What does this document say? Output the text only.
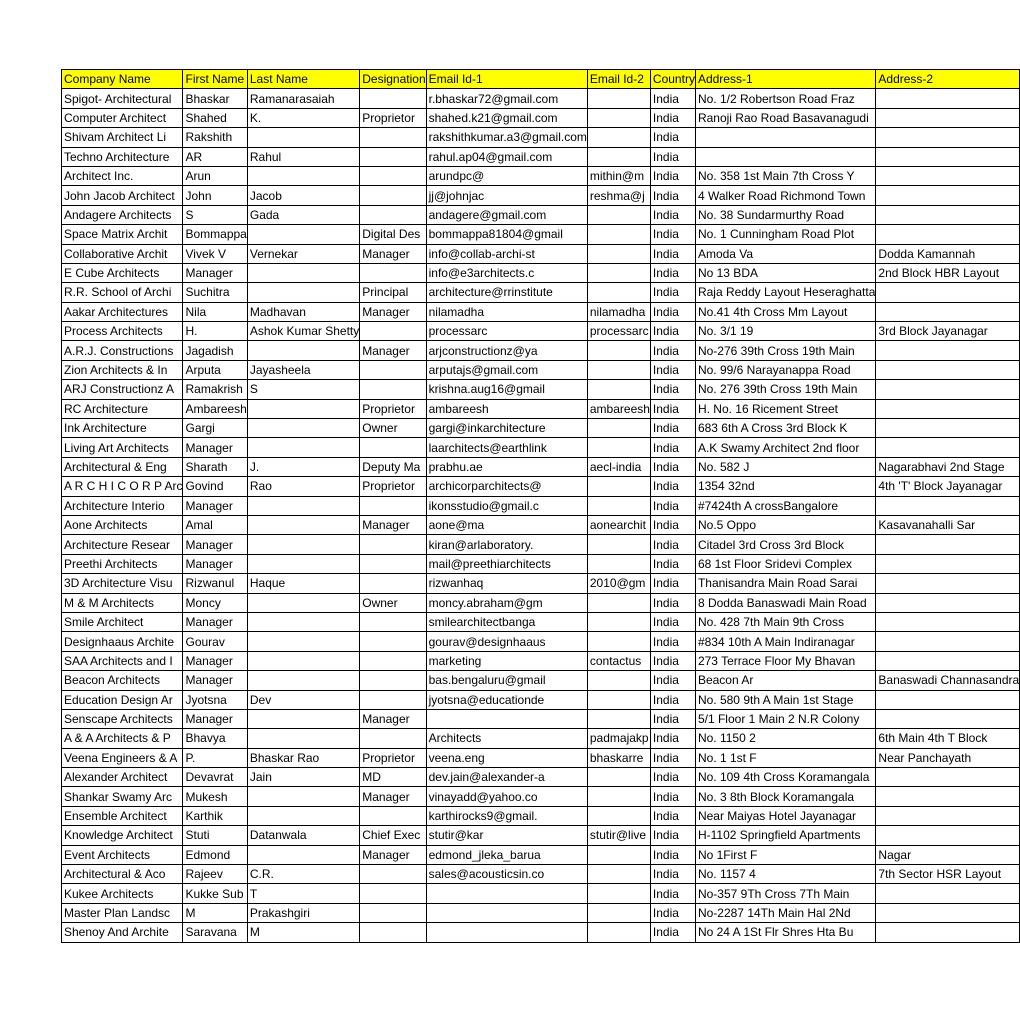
Company Name	First Name	Last Name	Designation	Email Id-1	Email Id-2	Country	Address-1	Address-2
Spigot- Architectural	Bhaskar	Ramanarasaiah		r.bhaskar72@gmail.com		India	No. 1/2 Robertson Road Fraz	
Computer Architect	Shahed	K.	Proprietor	shahed.k21@gmail.com		India	Ranoji Rao Road Basavanagudi	
Shivam Architect Li	Rakshith			rakshithkumar.a3@gmail.com		India		
Techno Architecture	AR	Rahul		rahul.ap04@gmail.com		India		
Architect Inc.	Arun			arundpc@	mithin@m	India	No. 358 1st Main 7th Cross Y	
John Jacob Architect	John	Jacob		jj@johnjac	reshma@j	India	4 Walker Road Richmond Town	
Andagere Architects	S	Gada		andagere@gmail.com		India	No. 38 Sundarmurthy Road	
Space Matrix Archit	Bommappa		Digital Des	bommappa81804@gmail		India	No. 1 Cunningham Road Plot	
Collaborative Archit	Vivek V	Vernekar	Manager	info@collab-archi-st		India	Amoda Va	Dodda Kamannah
E Cube Architects	Manager			info@e3architects.c		India	No 13 BDA	2nd Block HBR Layout
R.R. School of Archi	Suchitra		Principal	architecture@rrinstitute		India	Raja Reddy Layout Heseraghatta	
Aakar Architectures	Nila	Madhavan	Manager	nilamadha	nilamadha	India	No.41 4th Cross Mm Layout	
Process Architects	H.	Ashok Kumar Shetty		processarc	processarc	India	No. 3/1 19	3rd Block Jayanagar
A.R.J. Constructions	Jagadish		Manager	arjconstructionz@ya		India	No-276 39th Cross 19th Main	
Zion Architects & In	Arputa	Jayasheela		arputajs@gmail.com		India	No. 99/6 Narayanappa Road	
ARJ Constructionz A	Ramakrish	S		krishna.aug16@gmail		India	No. 276 39th Cross 19th Main	
RC Architecture	Ambareesh		Proprietor	ambareesh	ambareesh	India	H. No. 16 Ricement Street	
Ink Architecture	Gargi		Owner	gargi@inkarchitecture		India	683 6th A Cross 3rd Block K	
Living Art Architects	Manager			laarchitects@earthlink		India	A.K Swamy Architect 2nd floor	
Architectural & Eng	Sharath	J.	Deputy Ma	prabhu.ae	aecl-india	India	No. 582 J	Nagarabhavi 2nd Stage
A R C H I C O R P Arc	Govind	Rao	Proprietor	archicorparchitects@		India	1354 32nd	4th 'T' Block Jayanagar
Architecture Interio	Manager			ikonsstudio@gmail.c		India	#7424th A crossBangalore	
Aone Architects	Amal		Manager	aone@ma	aonearchit	India	No.5 Oppo	Kasavanahalli Sar
Architecture Resear	Manager			kiran@arlaboratory.		India	Citadel 3rd Cross 3rd Block	
Preethi Architects	Manager			mail@preethiarchitects		India	68 1st Floor Sridevi Complex	
3D Architecture Visu	Rizwanul	Haque		rizwanhaq	2010@gm	India	Thanisandra Main Road Sarai	
M & M Architects	Moncy		Owner	moncy.abraham@gm		India	8 Dodda Banaswadi Main Road	
Smile Architect	Manager			smilearchitectbanga		India	No. 428 7th Main 9th Cross	
Designhaaus Archite	Gourav			gourav@designhaaus		India	#834 10th A Main Indiranagar	
SAA Architects and I	Manager			marketing	contactus	India	273 Terrace Floor My Bhavan	
Beacon Architects	Manager			bas.bengaluru@gmail		India	Beacon Ar	Banaswadi Channasandra
Education Design Ar	Jyotsna	Dev		jyotsna@educationde		India	No. 580 9th A Main 1st Stage	
Senscape Architects	Manager		Manager			India	5/1 Floor 1 Main 2 N.R Colony	
A & A Architects & P	Bhavya			Architects	padmajakp	India	No. 1150 2	6th Main 4th T Block
Veena Engineers & A	P.	Bhaskar Rao	Proprietor	veena.eng	bhaskarre	India	No. 1 1st F	Near Panchayath
Alexander Architect	Devavrat	Jain	MD	dev.jain@alexander-a		India	No. 109 4th Cross Koramangala	
Shankar Swamy Arc	Mukesh		Manager	vinayadd@yahoo.co		India	No. 3 8th Block Koramangala	
Ensemble Architect	Karthik			karthirocks9@gmail.		India	Near Maiyas Hotel Jayanagar	
Knowledge Architect	Stuti	Datanwala	Chief Exec	stutir@kar	stutir@live	India	H-1102 Springfield Apartments	
Event Architects	Edmond		Manager	edmond_jleka_barua		India	No 1First F	Nagar
Architectural & Aco	Rajeev	C.R.		sales@acousticsin.co		India	No. 1157 4	7th Sector HSR Layout
Kukee Architects	Kukke Sub	T				India	No-357 9Th Cross 7Th Main	
Master Plan Landsc	M	Prakashgiri				India	No-2287 14Th Main Hal 2Nd	
Shenoy And Archite	Saravana	M				India	No 24 A 1St Flr Shres Hta Bu	
